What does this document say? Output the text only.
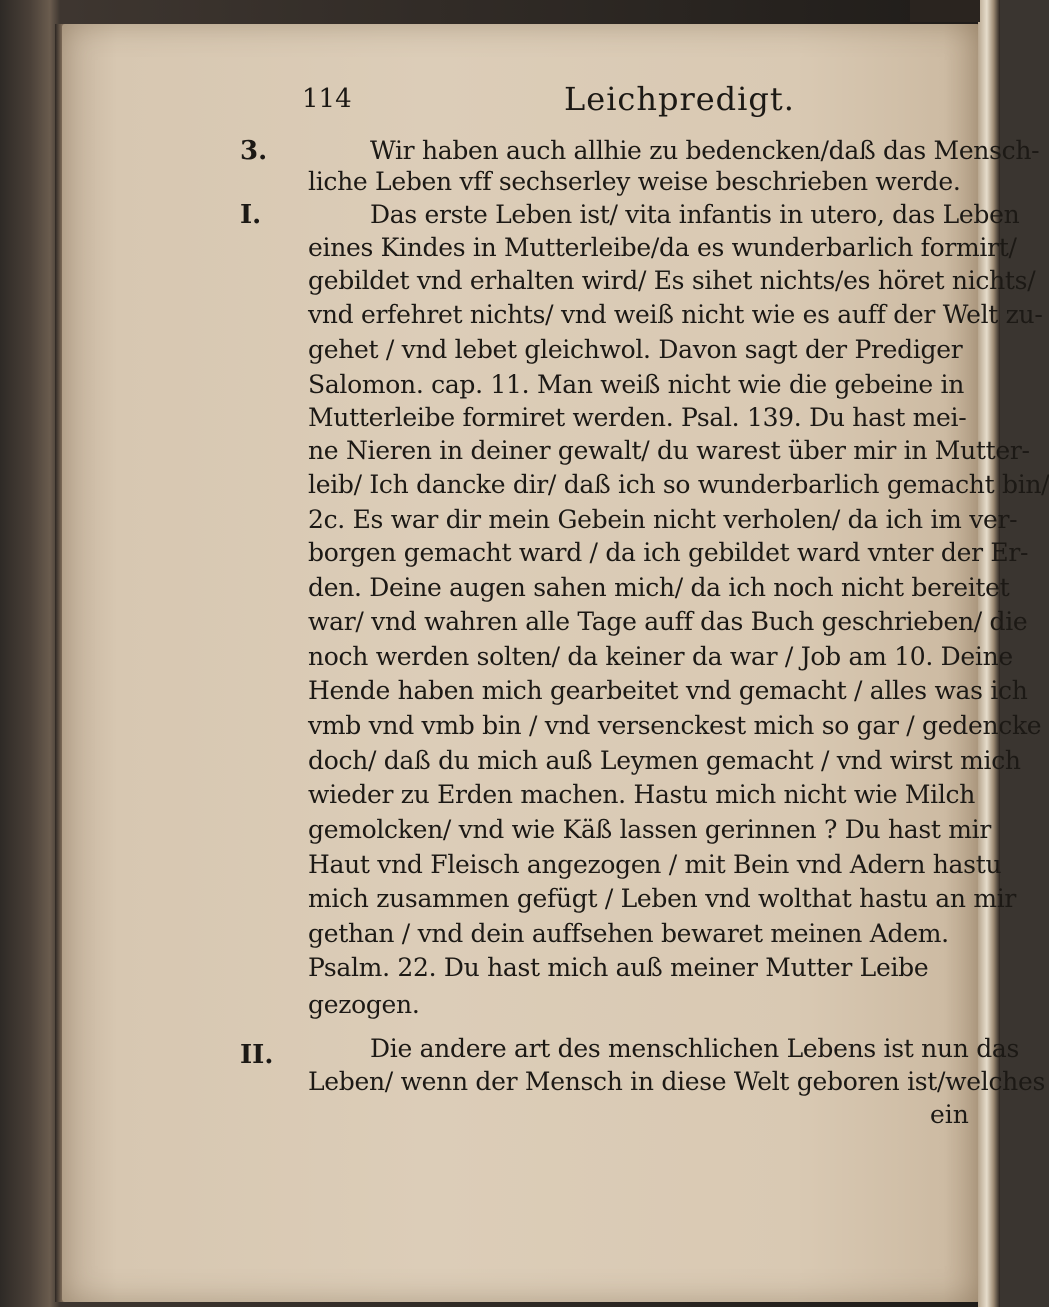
114	Leichpredigt.
3.
I.
II.
Wir haben auch allhie zu bedencken/daß das Mensch-
liche Leben vff sechserley weise beschrieben werde.
Das erste Leben ist/ vita infantis in utero, das Leben
eines Kindes in Mutterleibe/da es wunderbarlich formirt/
gebildet vnd erhalten wird/ Es sihet nichts/es höret nichts/
vnd erfehret nichts/ vnd weiß nicht wie es auff der Welt zu-
gehet / vnd lebet gleichwol. Davon sagt der Prediger
Salomon. cap. 11. Man weiß nicht wie die gebeine in
Mutterleibe formiret werden. Psal. 139. Du hast mei-
ne Nieren in deiner gewalt/ du warest über mir in Mutter-
leib/ Ich dancke dir/ daß ich so wunderbarlich gemacht bin/
2c. Es war dir mein Gebein nicht verholen/ da ich im ver-
borgen gemacht ward / da ich gebildet ward vnter der Er-
den. Deine augen sahen mich/ da ich noch nicht bereitet
war/ vnd wahren alle Tage auff das Buch geschrieben/ die
noch werden solten/ da keiner da war / Job am 10. Deine
Hende haben mich gearbeitet vnd gemacht / alles was ich
vmb vnd vmb bin / vnd versenckest mich so gar / gedencke
doch/ daß du mich auß Leymen gemacht / vnd wirst mich
wieder zu Erden machen. Hastu mich nicht wie Milch
gemolcken/ vnd wie Käß lassen gerinnen ? Du hast mir
Haut vnd Fleisch angezogen / mit Bein vnd Adern hastu
mich zusammen gefügt / Leben vnd wolthat hastu an mir
gethan / vnd dein auffsehen bewaret meinen Adem.
Psalm. 22. Du hast mich auß meiner Mutter Leibe
gezogen.
Die andere art des menschlichen Lebens ist nun das
Leben/ wenn der Mensch in diese Welt geboren ist/welches
ein
